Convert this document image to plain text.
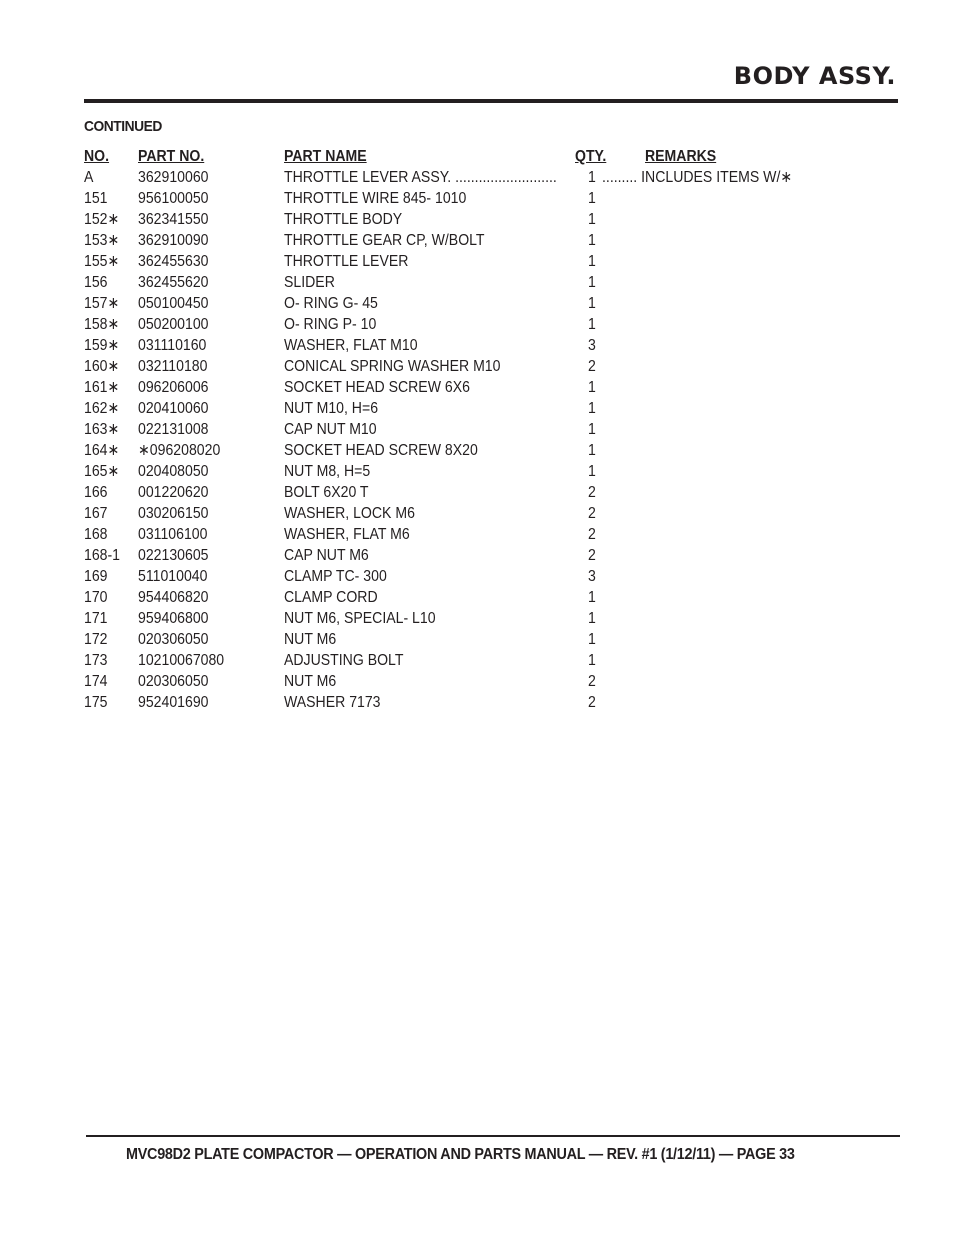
BODY ASSY.
CONTINUED
NO. PART NO.	PART NAME	QTY. REMARKS
A	362910060	THROTTLE LEVER ASSY. .......................... 1 ......... INCLUDES ITEMS W/∗
151 956100050	THROTTLE WIRE 845- 1010	1
152∗ 362341550	THROTTLE BODY	1
153∗ 362910090	THROTTLE GEAR CP, W/BOLT	1
155∗ 362455630	THROTTLE LEVER	1
156 362455620	SLIDER	1
157∗ 050100450	O- RING G- 45	1
158∗ 050200100	O- RING P- 10	1
159∗ 031110160	WASHER, FLAT M10	3
160∗ 032110180	CONICAL SPRING WASHER M10	2
161∗ 096206006	SOCKET HEAD SCREW 6X6	1
162∗ 020410060	NUT M10, H=6	1
163∗ 022131008	CAP NUT M10	1
164∗ ∗096208020	SOCKET HEAD SCREW 8X20	1
165∗ 020408050	NUT M8, H=5	1
166 001220620	BOLT 6X20 T	2
167 030206150	WASHER, LOCK M6	2
168 031106100	WASHER, FLAT M6	2
168-1 022130605	CAP NUT M6	2
169 511010040	CLAMP TC- 300	3
170 954406820	CLAMP CORD	1
171 959406800	NUT M6, SPECIAL- L10	1
172 020306050	NUT M6	1
173 10210067080	ADJUSTING BOLT	1
174 020306050	NUT M6	2
175 952401690	WASHER 7173	2
MVC98D2 PLATE COMPACTOR — OPERATION AND PARTS MANUAL — REV. #1 (1/12/11) — PAGE 33
